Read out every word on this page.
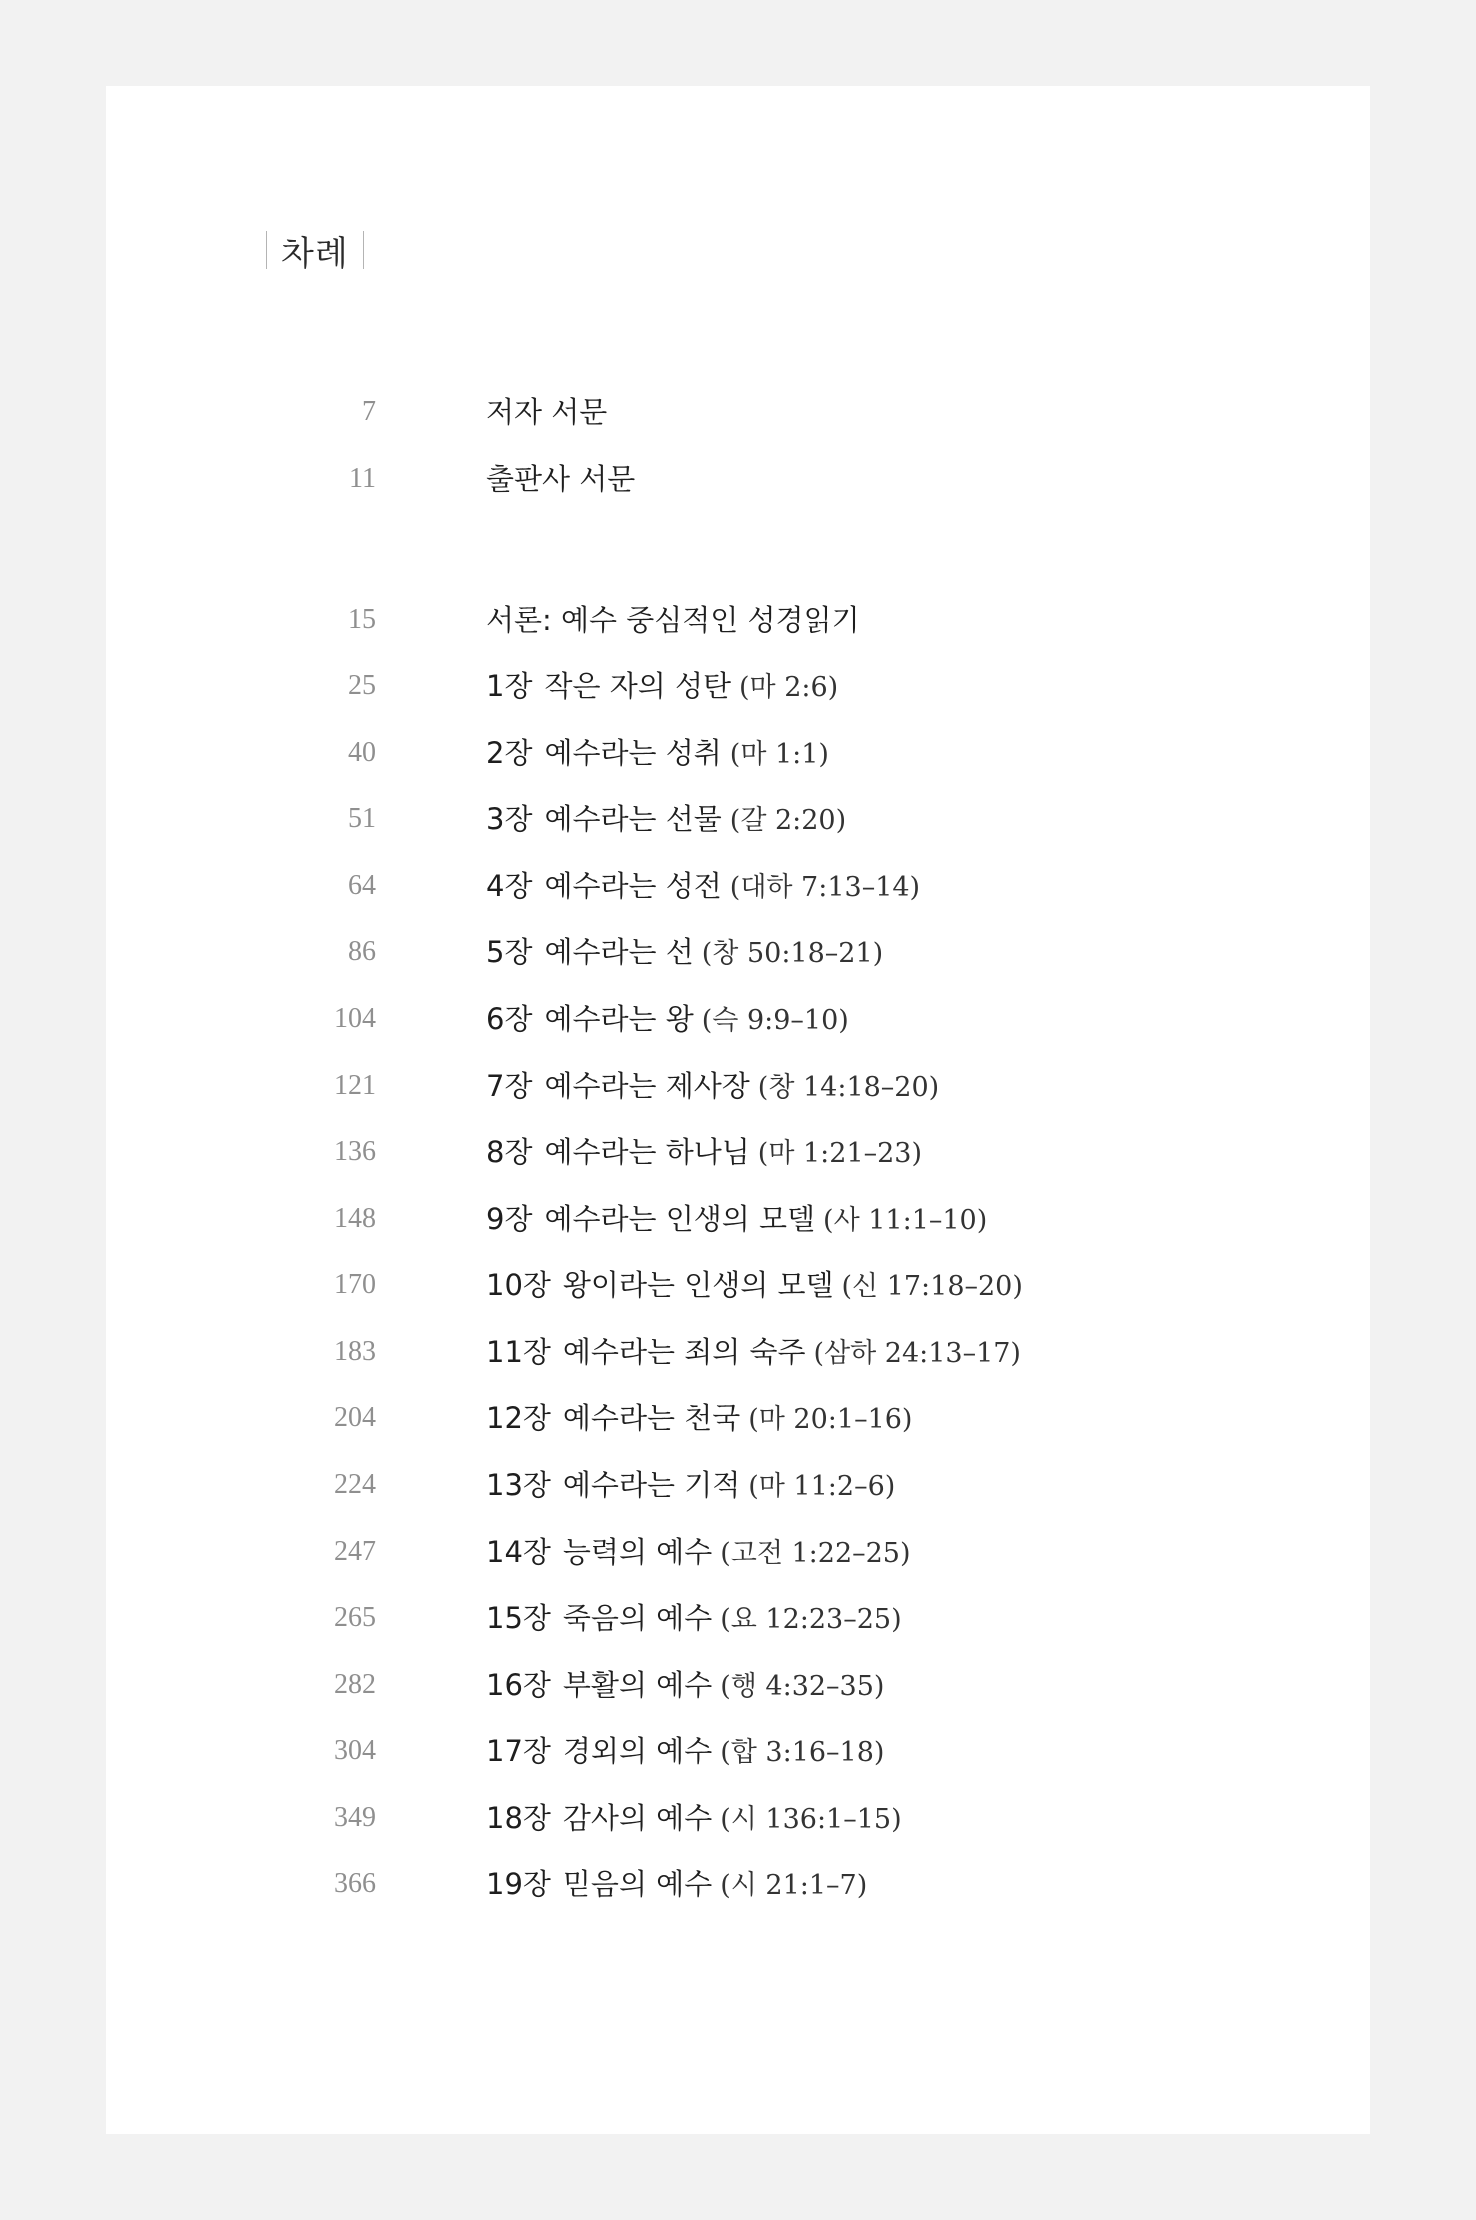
차례
7	저자 서문
11	출판사 서문
15	서론: 예수 중심적인 성경읽기
25	1장 작은 자의 성탄 (마 2:6)
40	2장 예수라는 성취 (마 1:1)
51	3장 예수라는 선물 (갈 2:20)
64	4장 예수라는 성전 (대하 7:13–14)
86	5장 예수라는 선 (창 50:18–21)
104	6장 예수라는 왕 (슥 9:9–10)
121	7장 예수라는 제사장 (창 14:18–20)
136	8장 예수라는 하나님 (마 1:21–23)
148	9장 예수라는 인생의 모델 (사 11:1–10)
170	10장 왕이라는 인생의 모델 (신 17:18–20)
183	11장 예수라는 죄의 숙주 (삼하 24:13–17)
204	12장 예수라는 천국 (마 20:1–16)
224	13장 예수라는 기적 (마 11:2–6)
247	14장 능력의 예수 (고전 1:22–25)
265	15장 죽음의 예수 (요 12:23–25)
282	16장 부활의 예수 (행 4:32–35)
304	17장 경외의 예수 (합 3:16–18)
349	18장 감사의 예수 (시 136:1–15)
366	19장 믿음의 예수 (시 21:1–7)
